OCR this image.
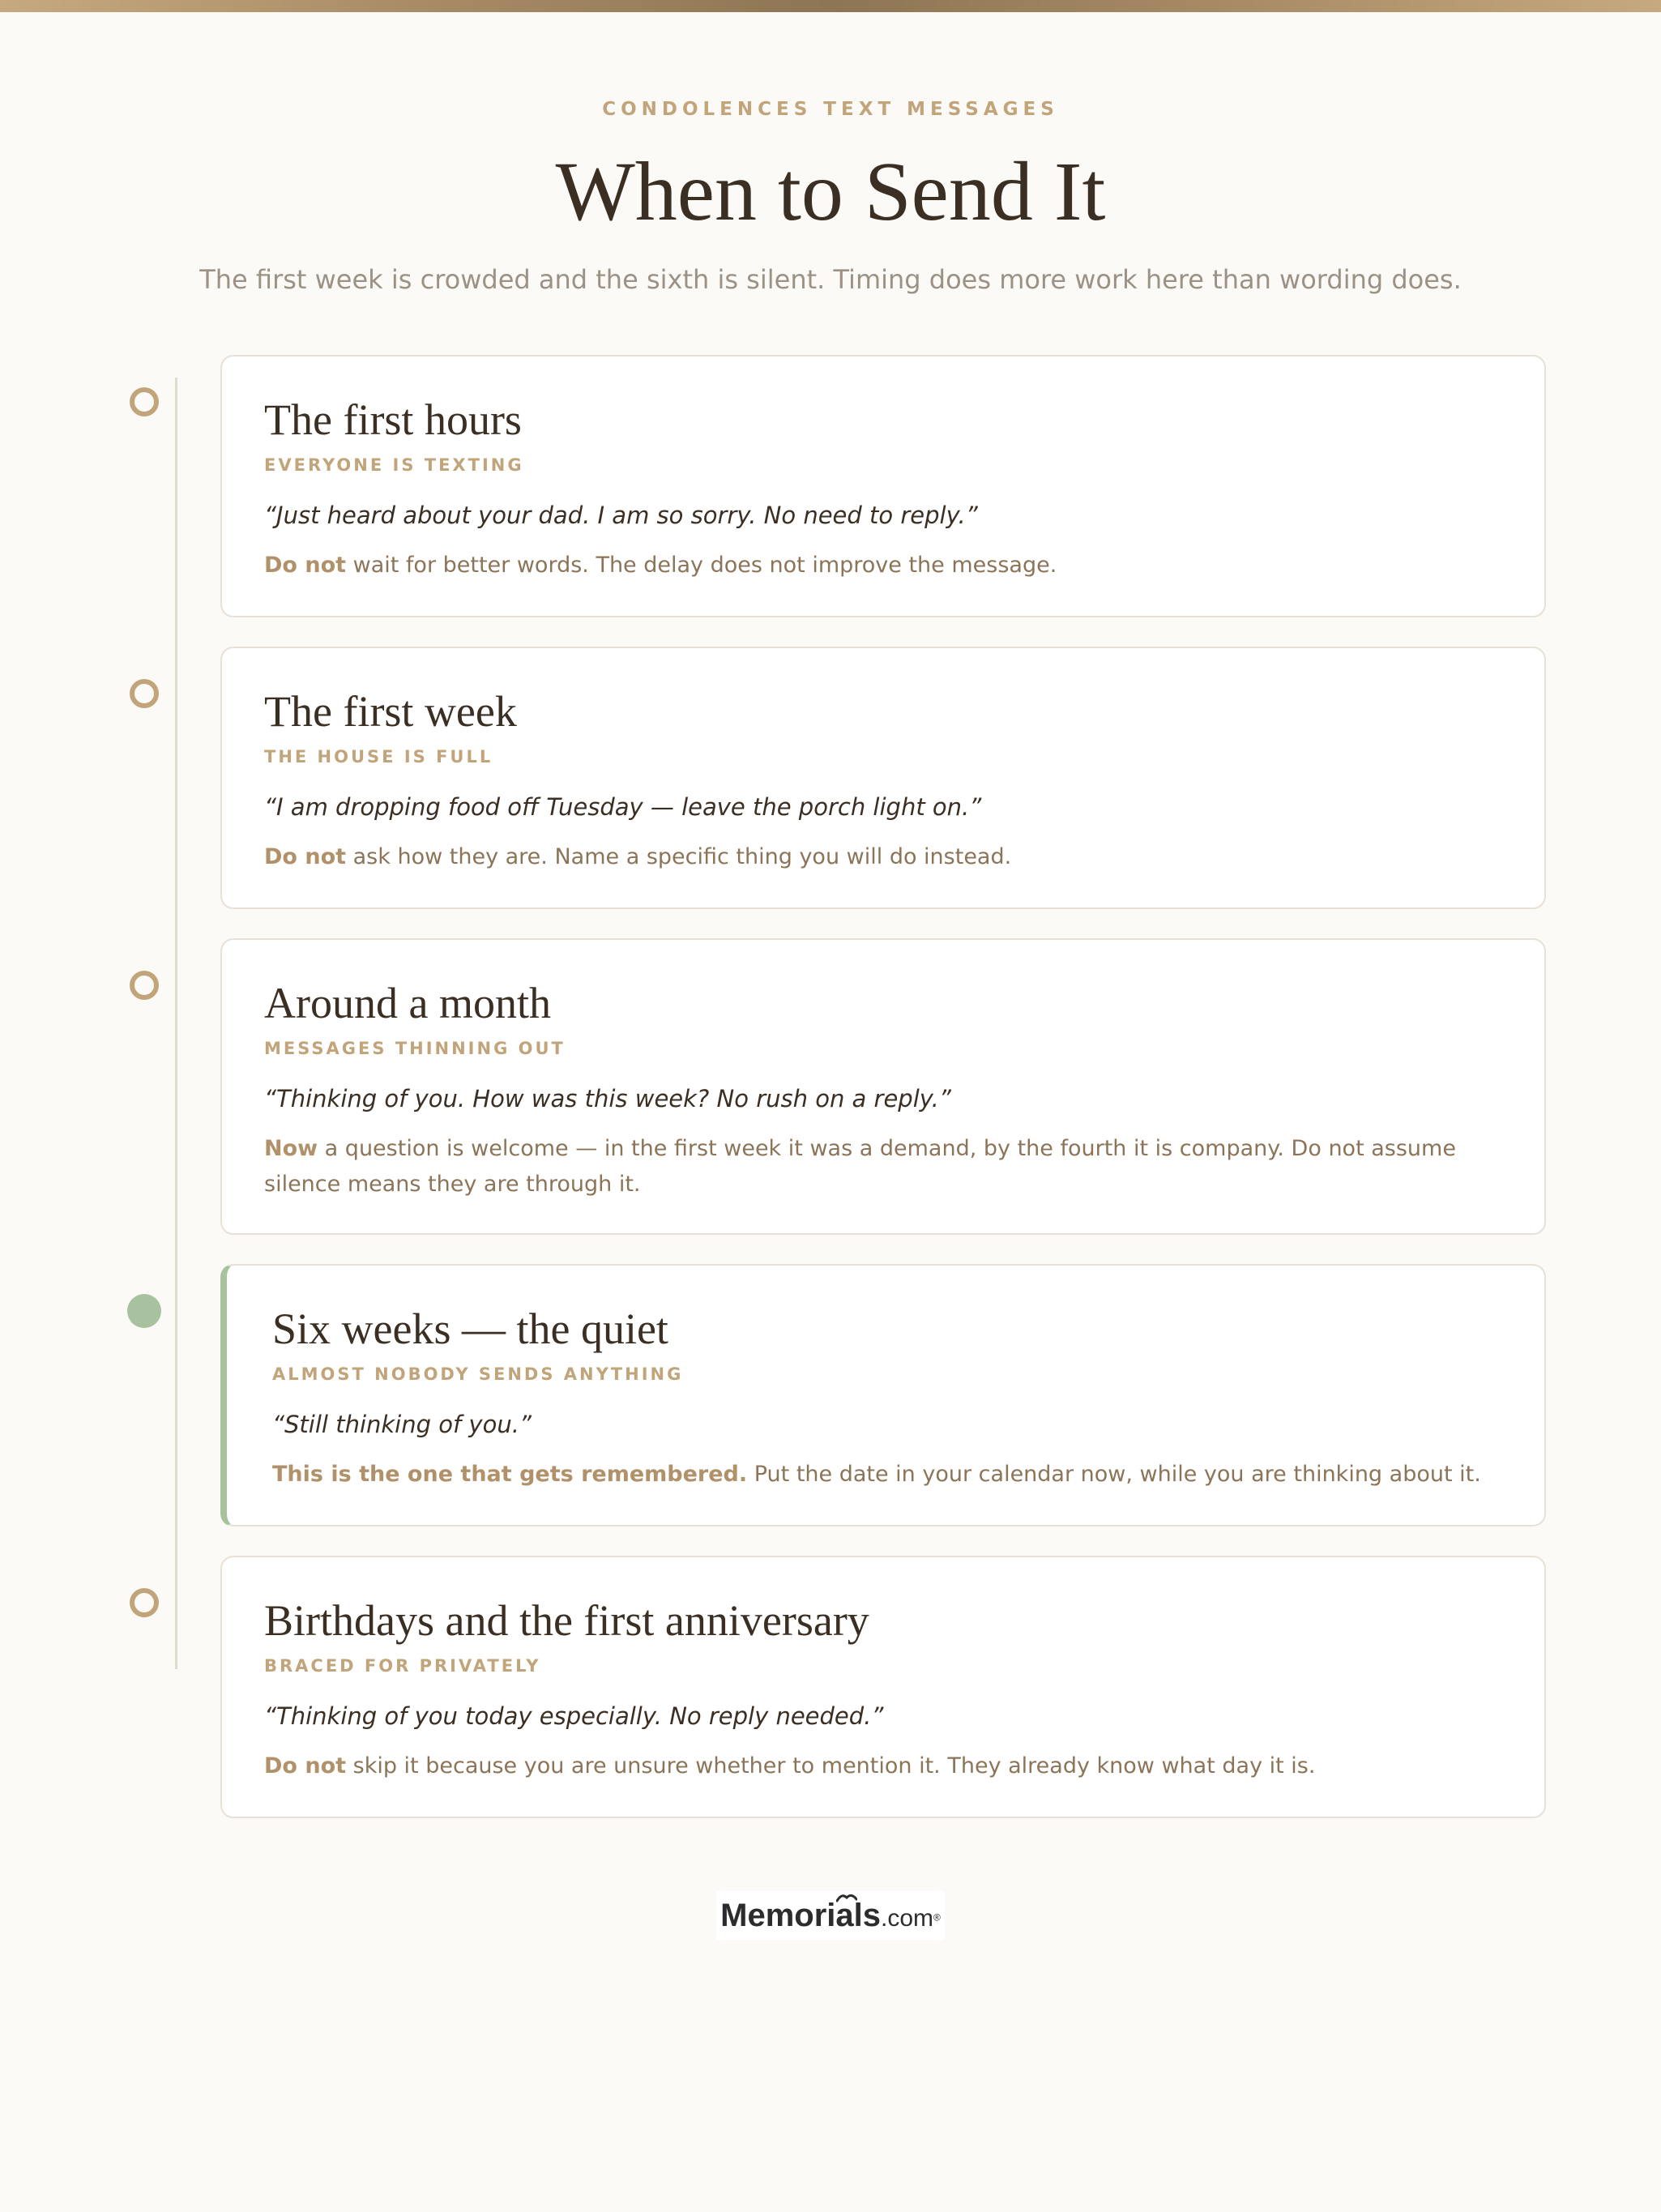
CONDOLENCES TEXT MESSAGES
When to Send It

The first week is crowded and the sixth is silent. Timing does more work here than wording does.

The first hours
EVERYONE IS TEXTING

“Just heard about your dad. I am so sorry. No need to reply.”

Do not wait for better words. The delay does not improve the message.

The first week
THE HOUSE IS FULL

“I am dropping food off Tuesday — leave the porch light on.”

Do not ask how they are. Name a specific thing you will do instead.

Around a month
MESSAGES THINNING OUT

“Thinking of you. How was this week? No rush on a reply.”

Now a question is welcome — in the first week it was a demand, by the fourth it is company. Do not assume silence means they are through it.

Six weeks — the quiet
ALMOST NOBODY SENDS ANYTHING

“Still thinking of you.”

This is the one that gets remembered. Put the date in your calendar now, while you are thinking about it.

Birthdays and the first anniversary
BRACED FOR PRIVATELY

“Thinking of you today especially. No reply needed.”

Do not skip it because you are unsure whether to mention it. They already know what day it is.

Memorials.com®
